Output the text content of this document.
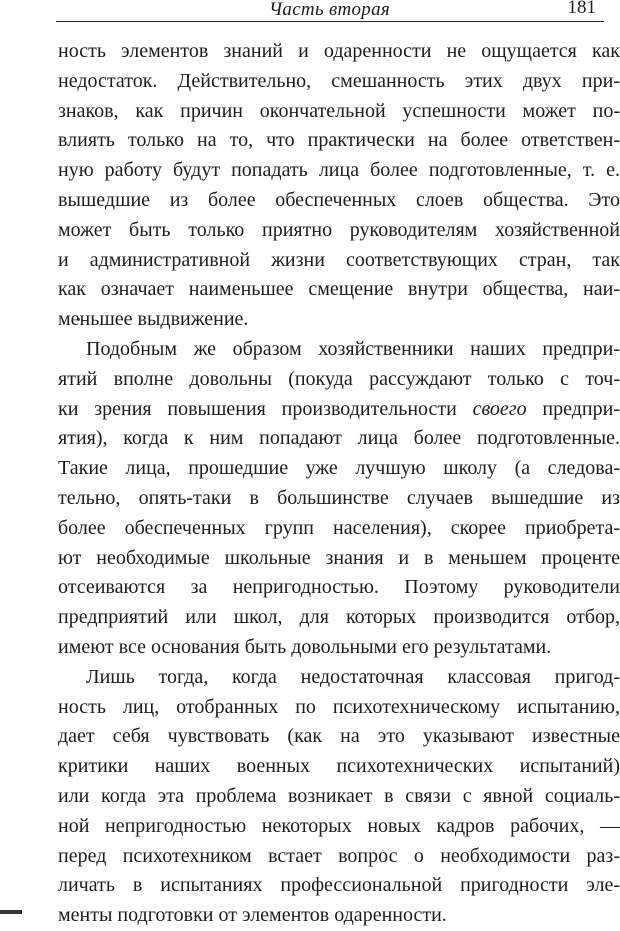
Часть вторая	181
ность элементов знаний и одаренности не ощущается как
недостаток. Действительно, смешанность этих двух при-
знаков, как причин окончательной успешности может по-
влиять только на то, что практически на более ответствен-
ную работу будут попадать лица более подготовленные, т. е.
вышедшие из более обеспеченных слоев общества. Это
может быть только приятно руководителям хозяйственной
и административной жизни соответствующих стран, так
как означает наименьшее смещение внутри общества, наи-
меньшее выдвижение.
Подобным же образом хозяйственники наших предпри-
ятий вполне довольны (покуда рассуждают только с точ-
ки зрения повышения производительности своего предпри-
ятия), когда к ним попадают лица более подготовленные.
Такие лица, прошедшие уже лучшую школу (а следова-
тельно, опять-таки в большинстве случаев вышедшие из
более обеспеченных групп населения), скорее приобрета-
ют необходимые школьные знания и в меньшем проценте
отсеиваются за непригодностью. Поэтому руководители
предприятий или школ, для которых производится отбор,
имеют все основания быть довольными его результатами.
Лишь тогда, когда недостаточная классовая пригод-
ность лиц, отобранных по психотехническому испытанию,
дает себя чувствовать (как на это указывают известные
критики наших военных психотехнических испытаний)
или когда эта проблема возникает в связи с явной социаль-
ной непригодностью некоторых новых кадров рабочих, —
перед психотехником встает вопрос о необходимости раз-
личать в испытаниях профессиональной пригодности эле-
менты подготовки от элементов одаренности.
